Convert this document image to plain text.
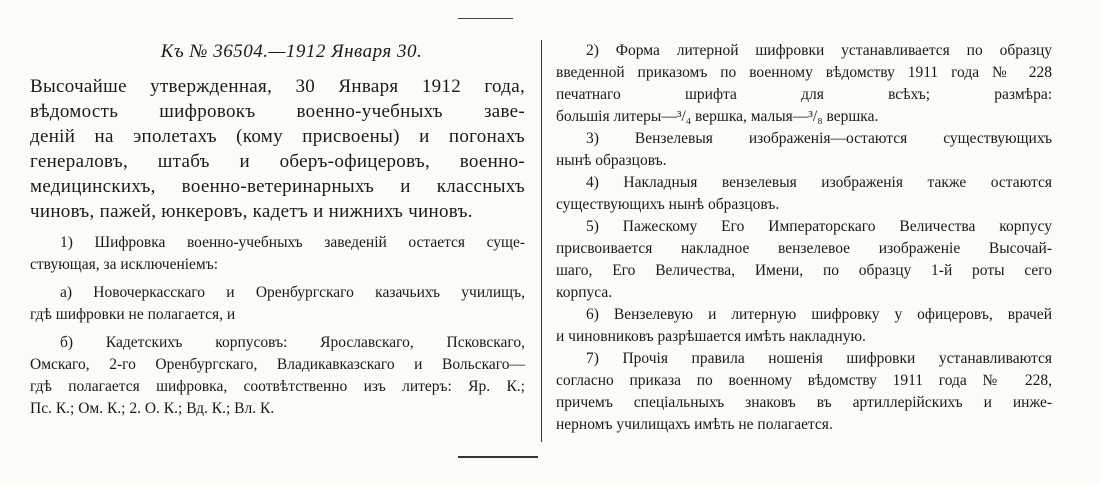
Къ № 36504.—1912 Января 30.
Высочайше утвержденная, 30 Января 1912 года,
вѣдомость шифровокъ военно-учебныхъ заве-
деній на эполетахъ (кому присвоены) и погонахъ
генераловъ, штабъ и оберъ-офицеровъ, военно-
медицинскихъ, военно-ветеринарныхъ и классныхъ
чиновъ, пажей, юнкеровъ, кадетъ и нижнихъ чиновъ.
1) Шифровка военно-учебныхъ заведеній остается суще-
ствующая, за исключеніемъ:
а) Новочеркасскаго и Оренбургскаго казачьихъ училищъ,
гдѣ шифровки не полагается, и
б) Кадетскихъ корпусовъ: Ярославскаго, Псковскаго,
Омскаго, 2-го Оренбургскаго, Владикавказскаго и Вольскаго—
гдѣ полагается шифровка, соотвѣтственно изъ литеръ: Яр. К.;
Пс. К.; Ом. К.; 2. О. К.; Вд. К.; Вл. К.
2) Форма литерной шифровки устанавливается по образцу
введенной приказомъ по военному вѣдомству 1911 года № 228
печатнаго шрифта для всѣхъ; размѣра:
большія литеры—³/₄ вершка, малыя—³/₈ вершка.
3) Вензелевыя изображенія—остаются существующихъ
нынѣ образцовъ.
4) Накладныя вензелевыя изображенія также остаются
существующихъ нынѣ образцовъ.
5) Пажескому Его Императорскаго Величества корпусу
присвоивается накладное вензелевое изображеніе Высочай-
шаго, Его Величества, Имени, по образцу 1-й роты сего
корпуса.
6) Вензелевую и литерную шифровку у офицеровъ, врачей
и чиновниковъ разрѣшается имѣть накладную.
7) Прочія правила ношенія шифровки устанавливаются
согласно приказа по военному вѣдомству 1911 года № 228,
причемъ спеціальныхъ знаковъ въ артиллерійскихъ и инже-
нерномъ училищахъ имѣть не полагается.
